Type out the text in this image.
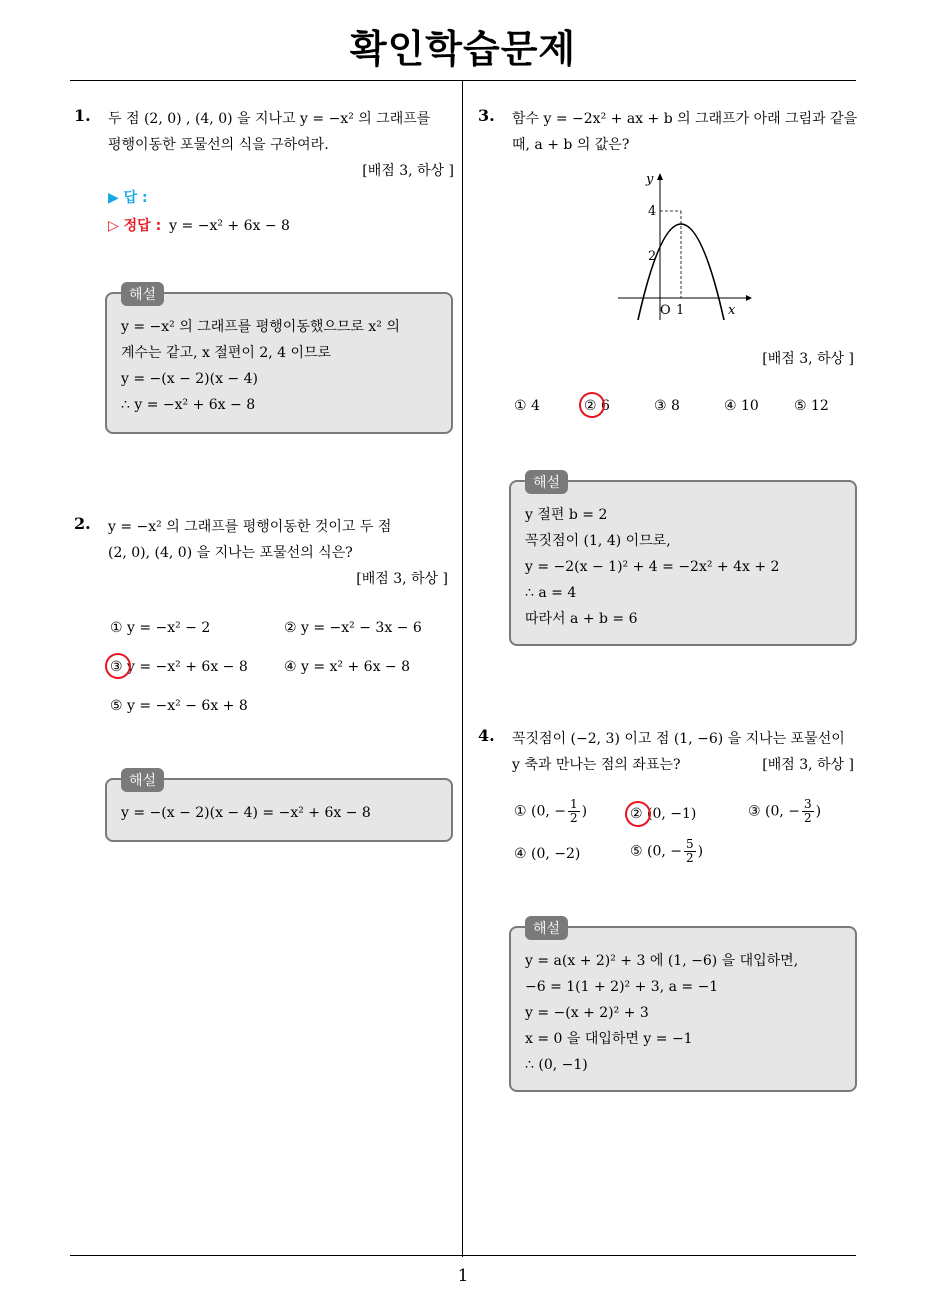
확인학습문제
1
1. 두 점 (2, 0) , (4, 0) 을 지나고 y = −x² 의 그래프를
평행이동한 포물선의 식을 구하여라.
[배점 3, 하상 ]
▶ 답 :
▷ 정답 : y = −x² + 6x − 8
해설
y = −x² 의 그래프를 평행이동했으므로 x² 의
계수는 같고, x 절편이 2, 4 이므로
y = −(x − 2)(x − 4)
∴ y = −x² + 6x − 8
2. y = −x² 의 그래프를 평행이동한 것이고 두 점
(2, 0), (4, 0) 을 지나는 포물선의 식은?
[배점 3, 하상 ]
① y = −x² − 2	② y = −x² − 3x − 6
③ y = −x² + 6x − 8	④ y = x² + 6x − 8
⑤ y = −x² − 6x + 8
해설
y = −(x − 2)(x − 4) = −x² + 6x − 8
3. 함수 y = −2x² + ax + b 의 그래프가 아래 그림과 같을
때, a + b 의 값은?
y
x
4
2
O 1
[배점 3, 하상 ]
① 4	② 6	③ 8	④ 10	⑤ 12
해설
y 절편 b = 2
꼭짓점이 (1, 4) 이므로,
y = −2(x − 1)² + 4 = −2x² + 4x + 2
∴ a = 4
따라서 a + b = 6
4. 꼭짓점이 (−2, 3) 이고 점 (1, −6) 을 지나는 포물선이
y 축과 만나는 점의 좌표는?	[배점 3, 하상 ]
① (0, − $\frac{1}{2}$ )	② (0, −1)	③ (0, − $\frac{3}{2}$ )
④ (0, −2)	⑤ (0, − $\frac{5}{2}$ )
해설
y = a(x + 2)² + 3 에 (1, −6) 을 대입하면,
−6 = 1(1 + 2)² + 3, a = −1
y = −(x + 2)² + 3
x = 0 을 대입하면 y = −1
∴ (0, −1)
